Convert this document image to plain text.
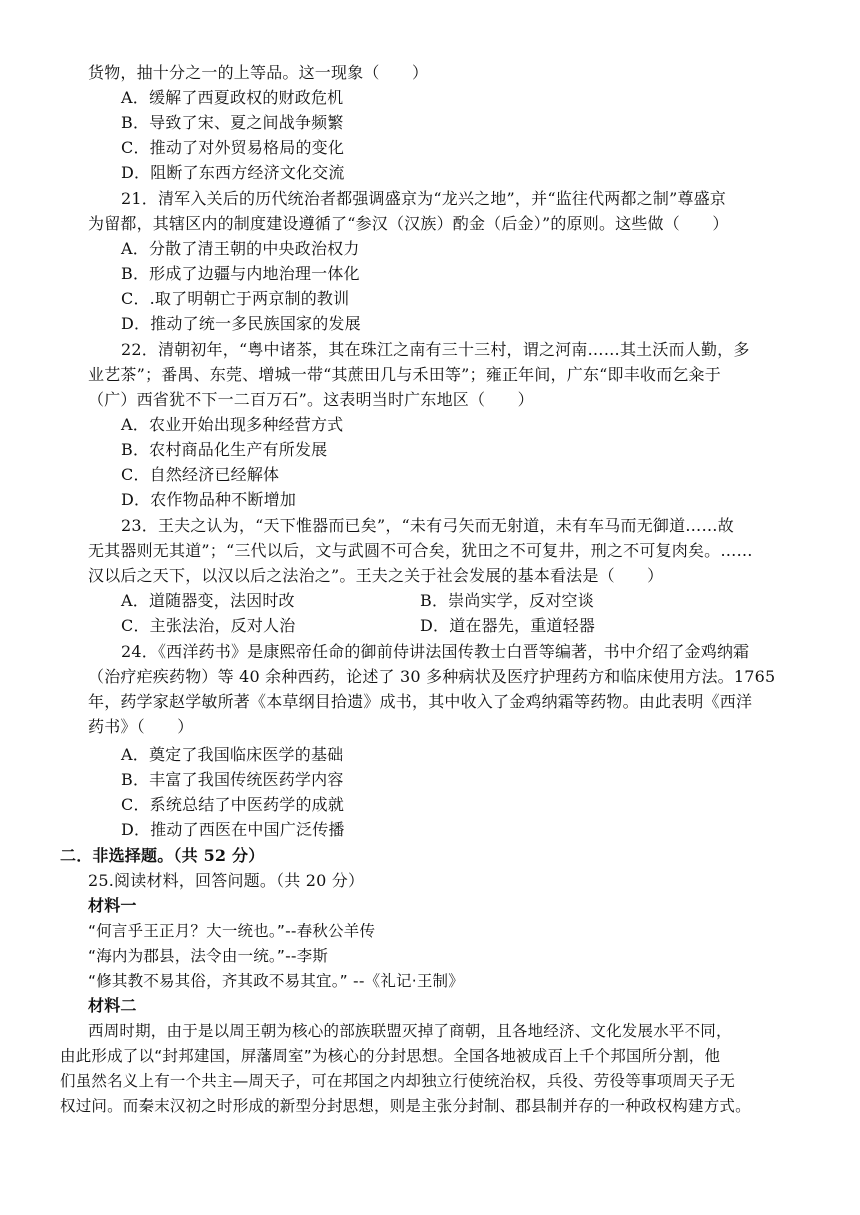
货物，抽十分之一的上等品。这一现象（　　）
A．缓解了西夏政权的财政危机
B．导致了宋、夏之间战争频繁
C．推动了对外贸易格局的变化
D．阻断了东西方经济文化交流
21．清军入关后的历代统治者都强调盛京为“龙兴之地”，并“监往代两都之制”尊盛京
为留都，其辖区内的制度建设遵循了“参汉（汉族）酌金（后金）”的原则。这些做（　　）
A．分散了清王朝的中央政治权力
B．形成了边疆与内地治理一体化
C．.取了明朝亡于两京制的教训
D．推动了统一多民族国家的发展
22．清朝初年，“粤中诸茶，其在珠江之南有三十三村，谓之河南……其土沃而人勤，多
业艺茶”；番禺、东莞、增城一带“其蔗田几与禾田等”；雍正年间，广东“即丰收而乞籴于
（广）西省犹不下一二百万石”。这表明当时广东地区（　　）
A．农业开始出现多种经营方式
B．农村商品化生产有所发展
C．自然经济已经解体
D．农作物品种不断增加
23．王夫之认为，“天下惟器而已矣”，“未有弓矢而无射道，未有车马而无御道……故
无其器则无其道”；“三代以后，文与武圆不可合矣，犹田之不可复井，刑之不可复肉矣。……
汉以后之天下，以汉以后之法治之”。王夫之关于社会发展的基本看法是（　　）
A．道随器变，法因时改	B．崇尚实学，反对空谈
C．主张法治，反对人治	D．道在器先，重道轻器
24．《西洋药书》是康熙帝任命的御前侍讲法国传教士白晋等编著，书中介绍了金鸡纳霜
（治疗疟疾药物）等 40 余种西药，论述了 30 多种病状及医疗护理药方和临床使用方法。1765
年，药学家赵学敏所著《本草纲目拾遗》成书，其中收入了金鸡纳霜等药物。由此表明《西洋
药书》（　　）
A．奠定了我国临床医学的基础
B．丰富了我国传统医药学内容
C．系统总结了中医药学的成就
D．推动了西医在中国广泛传播
二．非选择题。（共 52 分）
25.阅读材料，回答问题。（共 20 分）
材料一
“何言乎王正月？大一统也。”--春秋公羊传
“海内为郡县，法令由一统。”--李斯
“修其教不易其俗，齐其政不易其宜。” --《礼记·王制》
材料二
西周时期，由于是以周王朝为核心的部族联盟灭掉了商朝，且各地经济、文化发展水平不同，
由此形成了以“封邦建国，屏藩周室”为核心的分封思想。全国各地被成百上千个邦国所分割，他
们虽然名义上有一个共主—周天子，可在邦国之内却独立行使统治权，兵役、劳役等事项周天子无
权过问。而秦末汉初之时形成的新型分封思想，则是主张分封制、郡县制并存的一种政权构建方式。
